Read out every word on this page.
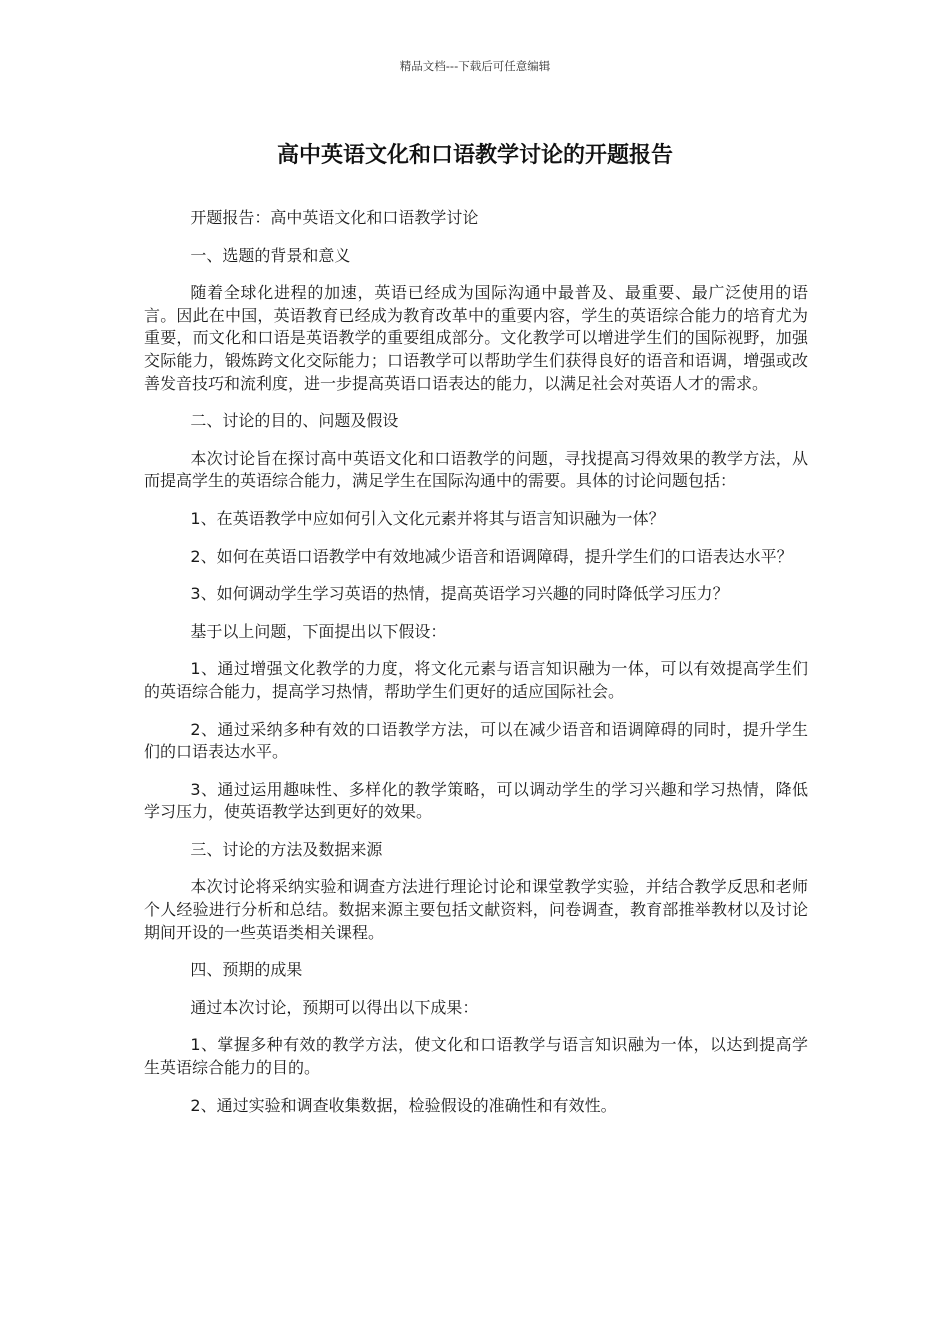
精品文档---下载后可任意编辑
高中英语文化和口语教学讨论的开题报告

开题报告：高中英语文化和口语教学讨论

一、选题的背景和意义

随着全球化进程的加速，英语已经成为国际沟通中最普及、最重要、最广泛使用的语言。因此在中国，英语教育已经成为教育改革中的重要内容，学生的英语综合能力的培育尤为重要，而文化和口语是英语教学的重要组成部分。文化教学可以增进学生们的国际视野，加强交际能力，锻炼跨文化交际能力；口语教学可以帮助学生们获得良好的语音和语调，增强或改善发音技巧和流利度，进一步提高英语口语表达的能力，以满足社会对英语人才的需求。

二、讨论的目的、问题及假设

本次讨论旨在探讨高中英语文化和口语教学的问题，寻找提高习得效果的教学方法，从而提高学生的英语综合能力，满足学生在国际沟通中的需要。具体的讨论问题包括：

1、在英语教学中应如何引入文化元素并将其与语言知识融为一体？

2、如何在英语口语教学中有效地减少语音和语调障碍，提升学生们的口语表达水平？

3、如何调动学生学习英语的热情，提高英语学习兴趣的同时降低学习压力？

基于以上问题，下面提出以下假设：

1、通过增强文化教学的力度，将文化元素与语言知识融为一体，可以有效提高学生们的英语综合能力，提高学习热情，帮助学生们更好的适应国际社会。

2、通过采纳多种有效的口语教学方法，可以在减少语音和语调障碍的同时，提升学生们的口语表达水平。

3、通过运用趣味性、多样化的教学策略，可以调动学生的学习兴趣和学习热情，降低学习压力，使英语教学达到更好的效果。

三、讨论的方法及数据来源

本次讨论将采纳实验和调查方法进行理论讨论和课堂教学实验，并结合教学反思和老师个人经验进行分析和总结。数据来源主要包括文献资料，问卷调查，教育部推举教材以及讨论期间开设的一些英语类相关课程。

四、预期的成果

通过本次讨论，预期可以得出以下成果：

1、掌握多种有效的教学方法，使文化和口语教学与语言知识融为一体，以达到提高学生英语综合能力的目的。

2、通过实验和调查收集数据，检验假设的准确性和有效性。
